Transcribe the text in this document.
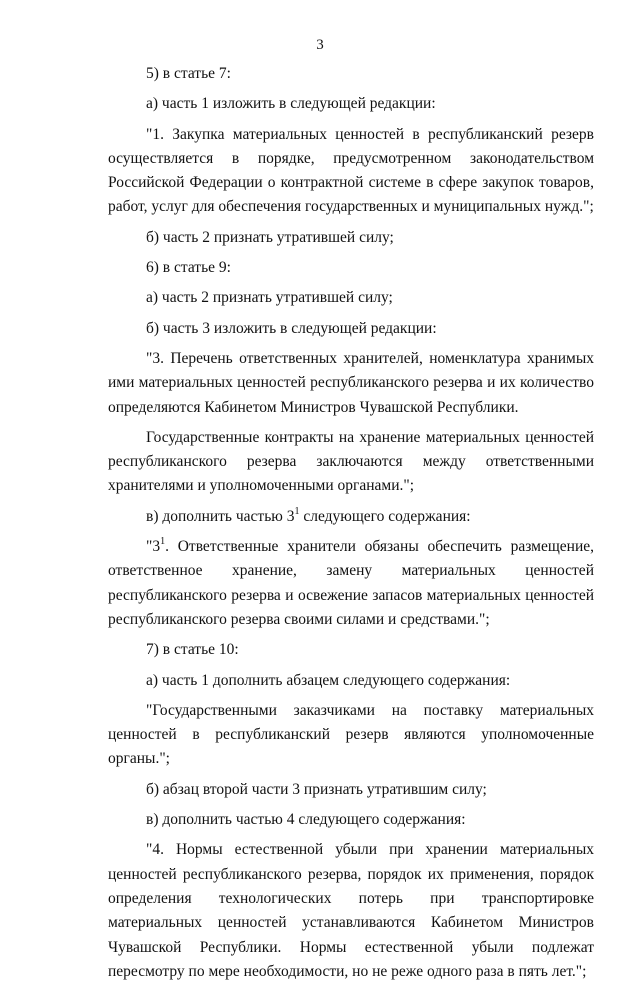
3

5) в статье 7:

а) часть 1 изложить в следующей редакции:

"1. Закупка материальных ценностей в республиканский резерв осуществляется в порядке, предусмотренном законодательством Российской Федерации о контрактной системе в сфере закупок товаров, работ, услуг для обеспечения государственных и муниципальных нужд.";

б) часть 2 признать утратившей силу;

6) в статье 9:

а) часть 2 признать утратившей силу;

б) часть 3 изложить в следующей редакции:

"3. Перечень ответственных хранителей, номенклатура хранимых ими материальных ценностей республиканского резерва и их количество определяются Кабинетом Министров Чувашской Республики.

Государственные контракты на хранение материальных ценностей республиканского резерва заключаются между ответственными хранителями и уполномоченными органами.";

в) дополнить частью $3^1$ следующего содержания:

"$3^1$. Ответственные хранители обязаны обеспечить размещение, ответственное хранение, замену материальных ценностей республиканского резерва и освежение запасов материальных ценностей республиканского резерва своими силами и средствами.";

7) в статье 10:

а) часть 1 дополнить абзацем следующего содержания:

"Государственными заказчиками на поставку материальных ценностей в республиканский резерв являются уполномоченные органы.";

б) абзац второй части 3 признать утратившим силу;

в) дополнить частью 4 следующего содержания:

"4. Нормы естественной убыли при хранении материальных ценностей республиканского резерва, порядок их применения, порядок определения технологических потерь при транспортировке материальных ценностей устанавливаются Кабинетом Министров Чувашской Республики. Нормы естественной убыли подлежат пересмотру по мере необходимости, но не реже одного раза в пять лет.";
